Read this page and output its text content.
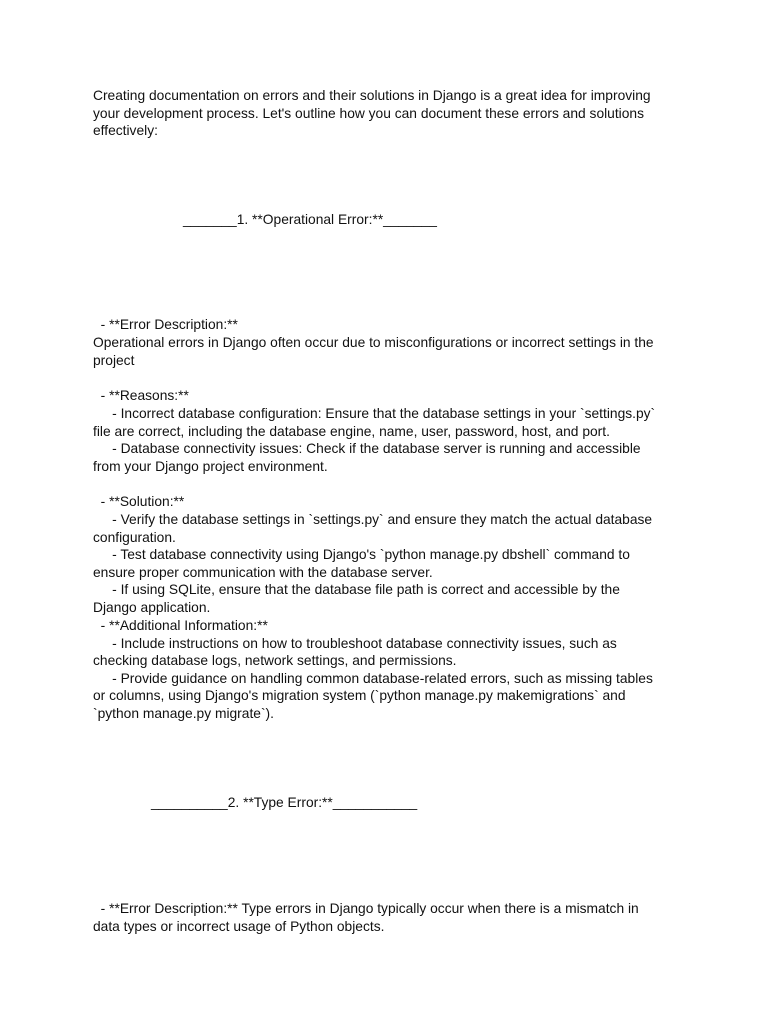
Creating documentation on errors and their solutions in Django is a great idea for improving
your development process. Let's outline how you can document these errors and solutions
effectively:
_______1. **Operational Error:**_______
- **Error Description:**
Operational errors in Django often occur due to misconfigurations or incorrect settings in the
project
- **Reasons:**
- Incorrect database configuration: Ensure that the database settings in your `settings.py`
file are correct, including the database engine, name, user, password, host, and port.
- Database connectivity issues: Check if the database server is running and accessible
from your Django project environment.
- **Solution:**
- Verify the database settings in `settings.py` and ensure they match the actual database
configuration.
- Test database connectivity using Django's `python manage.py dbshell` command to
ensure proper communication with the database server.
- If using SQLite, ensure that the database file path is correct and accessible by the
Django application.
- **Additional Information:**
- Include instructions on how to troubleshoot database connectivity issues, such as
checking database logs, network settings, and permissions.
- Provide guidance on handling common database-related errors, such as missing tables
or columns, using Django's migration system (`python manage.py makemigrations` and
`python manage.py migrate`).
__________2. **Type Error:**___________
- **Error Description:** Type errors in Django typically occur when there is a mismatch in
data types or incorrect usage of Python objects.
